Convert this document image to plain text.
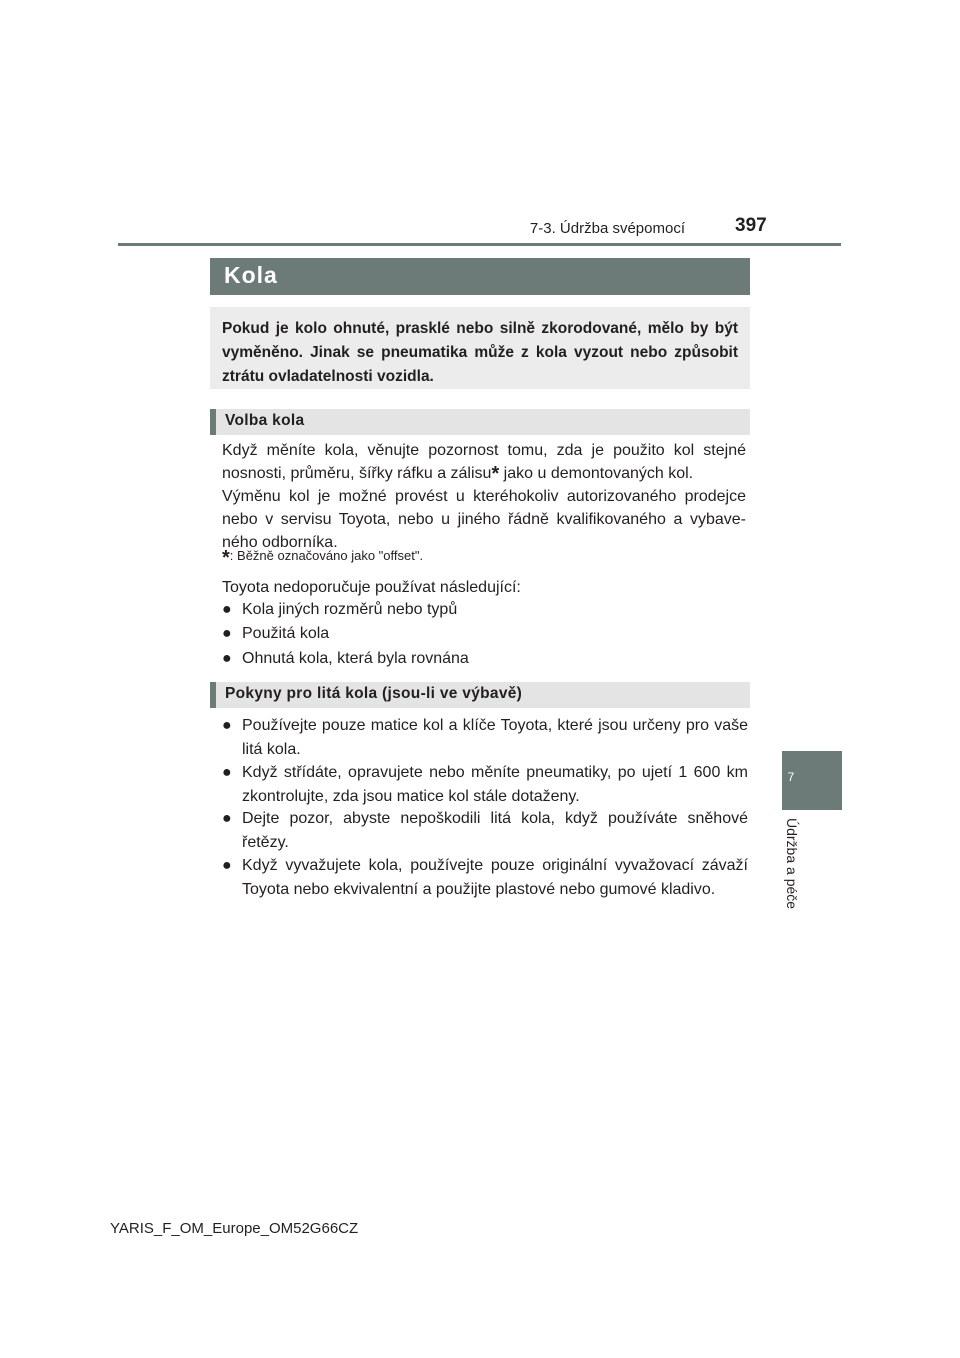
7-3. Údržba svépomocí	397
7
Údržba a péče
Kola

Pokud je kolo ohnuté, prasklé nebo silně zkorodované, mělo by být vyměněno. Jinak se pneumatika může z kola vyzout nebo způsobit ztrátu ovladatelnosti vozidla.

Volba kola

Když měníte kola, věnujte pozornost tomu, zda je použito kol stejné nosnosti, průměru, šířky ráfku a zálisu* jako u demontovaných kol.

Výměnu kol je možné provést u kteréhokoliv autorizovaného prodejce nebo v servisu Toyota, nebo u jiného řádně kvalifikovaného a vybave-ného odborníka.

*: Běžně označováno jako "offset".
Toyota nedoporučuje používat následující:
● Kola jiných rozměrů nebo typů
● Použitá kola
● Ohnutá kola, která byla rovnána
Pokyny pro litá kola (jsou-li ve výbavě)
● Používejte pouze matice kol a klíče Toyota, které jsou určeny pro vaše litá kola.
● Když střídáte, opravujete nebo měníte pneumatiky, po ujetí 1 600 km zkontrolujte, zda jsou matice kol stále dotaženy.
● Dejte pozor, abyste nepoškodili litá kola, když používáte sněhové řetězy.
● Když vyvažujete kola, používejte pouze originální vyvažovací závaží Toyota nebo ekvivalentní a použijte plastové nebo gumové kladivo.
YARIS_F_OM_Europe_OM52G66CZ
